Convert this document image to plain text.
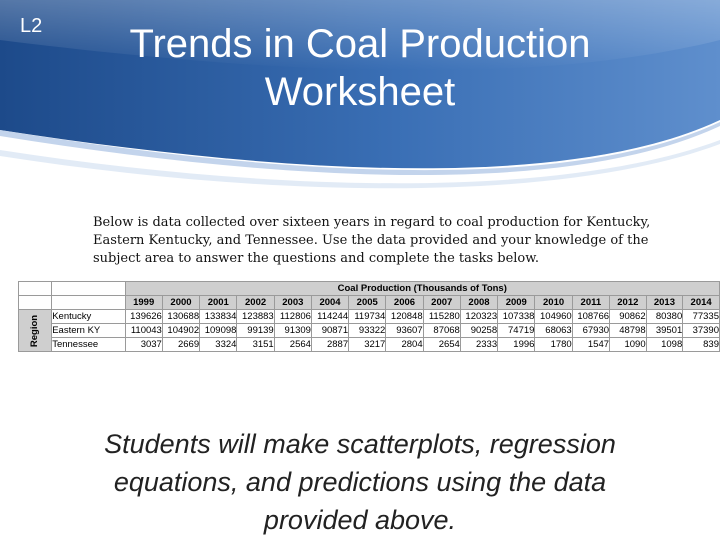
L2	Trends in Coal Production
Worksheet
Below is data collected over sixteen years in regard to coal production for Kentucky,
Eastern Kentucky, and Tennessee. Use the data provided and your knowledge of the
subject area to answer the questions and complete the tasks below.
		Coal Production (Thousands of Tons)															
		1999	2000	2001	2002	2003	2004	2005	2006	2007	2008	2009	2010	2011	2012	2013	2014
Region	Kentucky	139626	130688	133834	123883	112806	114244	119734	120848	115280	120323	107338	104960	108766	90862	80380	77335
	Eastern KY	110043	104902	109098	99139	91309	90871	93322	93607	87068	90258	74719	68063	67930	48798	39501	37390
	Tennessee	3037	2669	3324	3151	2564	2887	3217	2804	2654	2333	1996	1780	1547	1090	1098	839
Students will make scatterplots, regression
equations, and predictions using the data
provided above.
